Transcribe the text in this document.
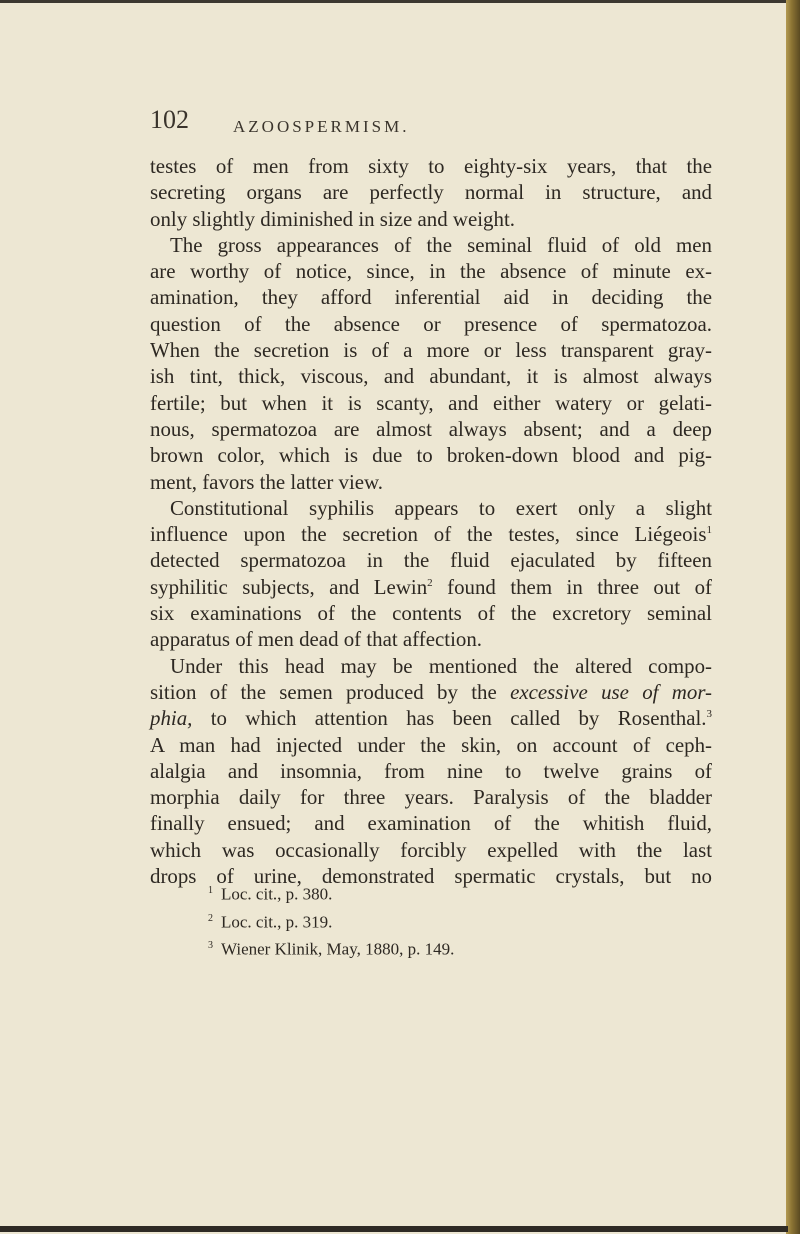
102	AZOOSPERMISM.
testes of men from sixty to eighty-six years, that the
secreting organs are perfectly normal in structure, and
only slightly diminished in size and weight.
The gross appearances of the seminal fluid of old men
are worthy of notice, since, in the absence of minute ex-
amination, they afford inferential aid in deciding the
question of the absence or presence of spermatozoa.
When the secretion is of a more or less transparent gray-
ish tint, thick, viscous, and abundant, it is almost always
fertile; but when it is scanty, and either watery or gelati-
nous, spermatozoa are almost always absent; and a deep
brown color, which is due to broken-down blood and pig-
ment, favors the latter view.
Constitutional syphilis appears to exert only a slight
influence upon the secretion of the testes, since Liégeois$^1$
detected spermatozoa in the fluid ejaculated by fifteen
syphilitic subjects, and Lewin$^2$ found them in three out of
six examinations of the contents of the excretory seminal
apparatus of men dead of that affection.
Under this head may be mentioned the altered compo-
sition of the semen produced by the excessive use of mor-
phia, to which attention has been called by Rosenthal.$^3$
A man had injected under the skin, on account of ceph-
alalgia and insomnia, from nine to twelve grains of
morphia daily for three years. Paralysis of the bladder
finally ensued; and examination of the whitish fluid,
which was occasionally forcibly expelled with the last
drops of urine, demonstrated spermatic crystals, but no
$^1$ Loc. cit., p. 380.
$^2$ Loc. cit., p. 319.
$^3$ Wiener Klinik, May, 1880, p. 149.
